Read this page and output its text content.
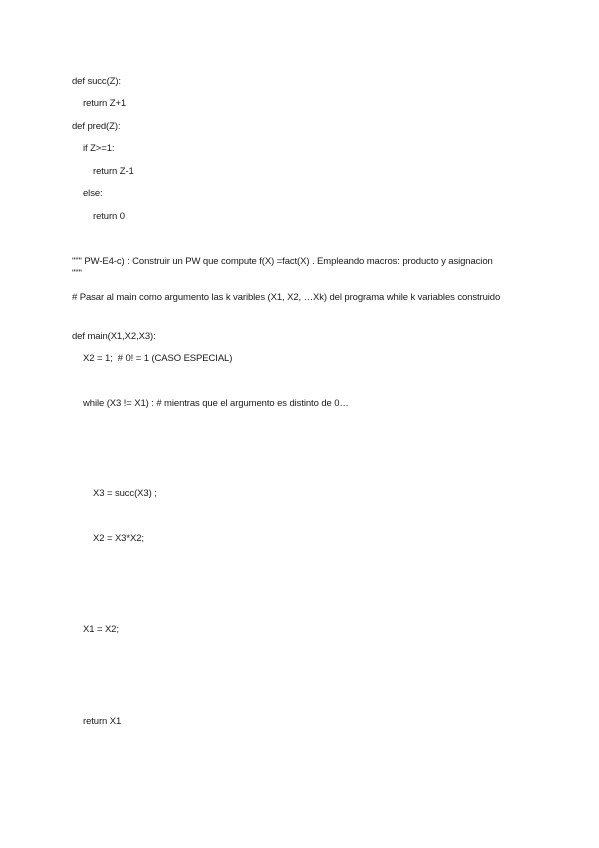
def succ(Z):
return Z+1
def pred(Z):
if Z>=1:
return Z-1
else:
return 0
""" PW-E4-c) : Construir un PW que compute f(X) =fact(X) . Empleando macros: producto y asignacion
"""
# Pasar al main como argumento las k varibles (X1, X2, …Xk) del programa while k variables construido
def main(X1,X2,X3):
X2 = 1;  # 0! = 1 (CASO ESPECIAL)
while (X3 != X1) : # mientras que el argumento es distinto de 0…
X3 = succ(X3) ;
X2 = X3*X2;
X1 = X2;
return X1
